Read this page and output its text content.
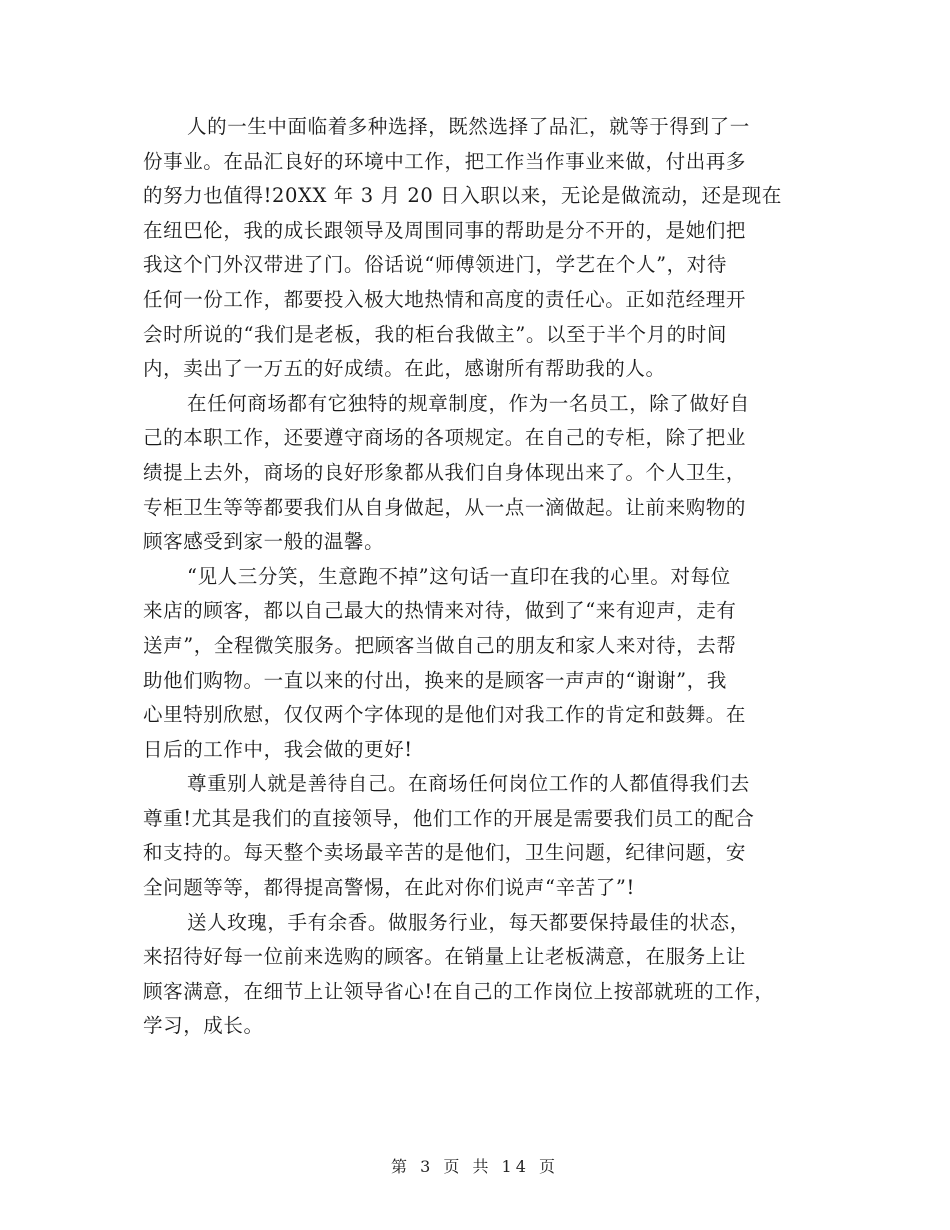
人的一生中面临着多种选择，既然选择了品汇，就等于得到了一
份事业。在品汇良好的环境中工作，把工作当作事业来做，付出再多
的努力也值得!20XX 年 3 月 20 日入职以来，无论是做流动，还是现在
在纽巴伦，我的成长跟领导及周围同事的帮助是分不开的，是她们把
我这个门外汉带进了门。俗话说“师傅领进门，学艺在个人”，对待
任何一份工作，都要投入极大地热情和高度的责任心。正如范经理开
会时所说的“我们是老板，我的柜台我做主”。以至于半个月的时间
内，卖出了一万五的好成绩。在此，感谢所有帮助我的人。
在任何商场都有它独特的规章制度，作为一名员工，除了做好自
己的本职工作，还要遵守商场的各项规定。在自己的专柜，除了把业
绩提上去外，商场的良好形象都从我们自身体现出来了。个人卫生，
专柜卫生等等都要我们从自身做起，从一点一滴做起。让前来购物的
顾客感受到家一般的温馨。
“见人三分笑，生意跑不掉”这句话一直印在我的心里。对每位
来店的顾客，都以自己最大的热情来对待，做到了“来有迎声，走有
送声”，全程微笑服务。把顾客当做自己的朋友和家人来对待，去帮
助他们购物。一直以来的付出，换来的是顾客一声声的“谢谢”，我
心里特别欣慰，仅仅两个字体现的是他们对我工作的肯定和鼓舞。在
日后的工作中，我会做的更好!
尊重别人就是善待自己。在商场任何岗位工作的人都值得我们去
尊重!尤其是我们的直接领导，他们工作的开展是需要我们员工的配合
和支持的。每天整个卖场最辛苦的是他们，卫生问题，纪律问题，安
全问题等等，都得提高警惕，在此对你们说声“辛苦了”!
送人玫瑰，手有余香。做服务行业，每天都要保持最佳的状态，
来招待好每一位前来选购的顾客。在销量上让老板满意，在服务上让
顾客满意，在细节上让领导省心!在自己的工作岗位上按部就班的工作，
学习，成长。
第 3 页 共 14 页
